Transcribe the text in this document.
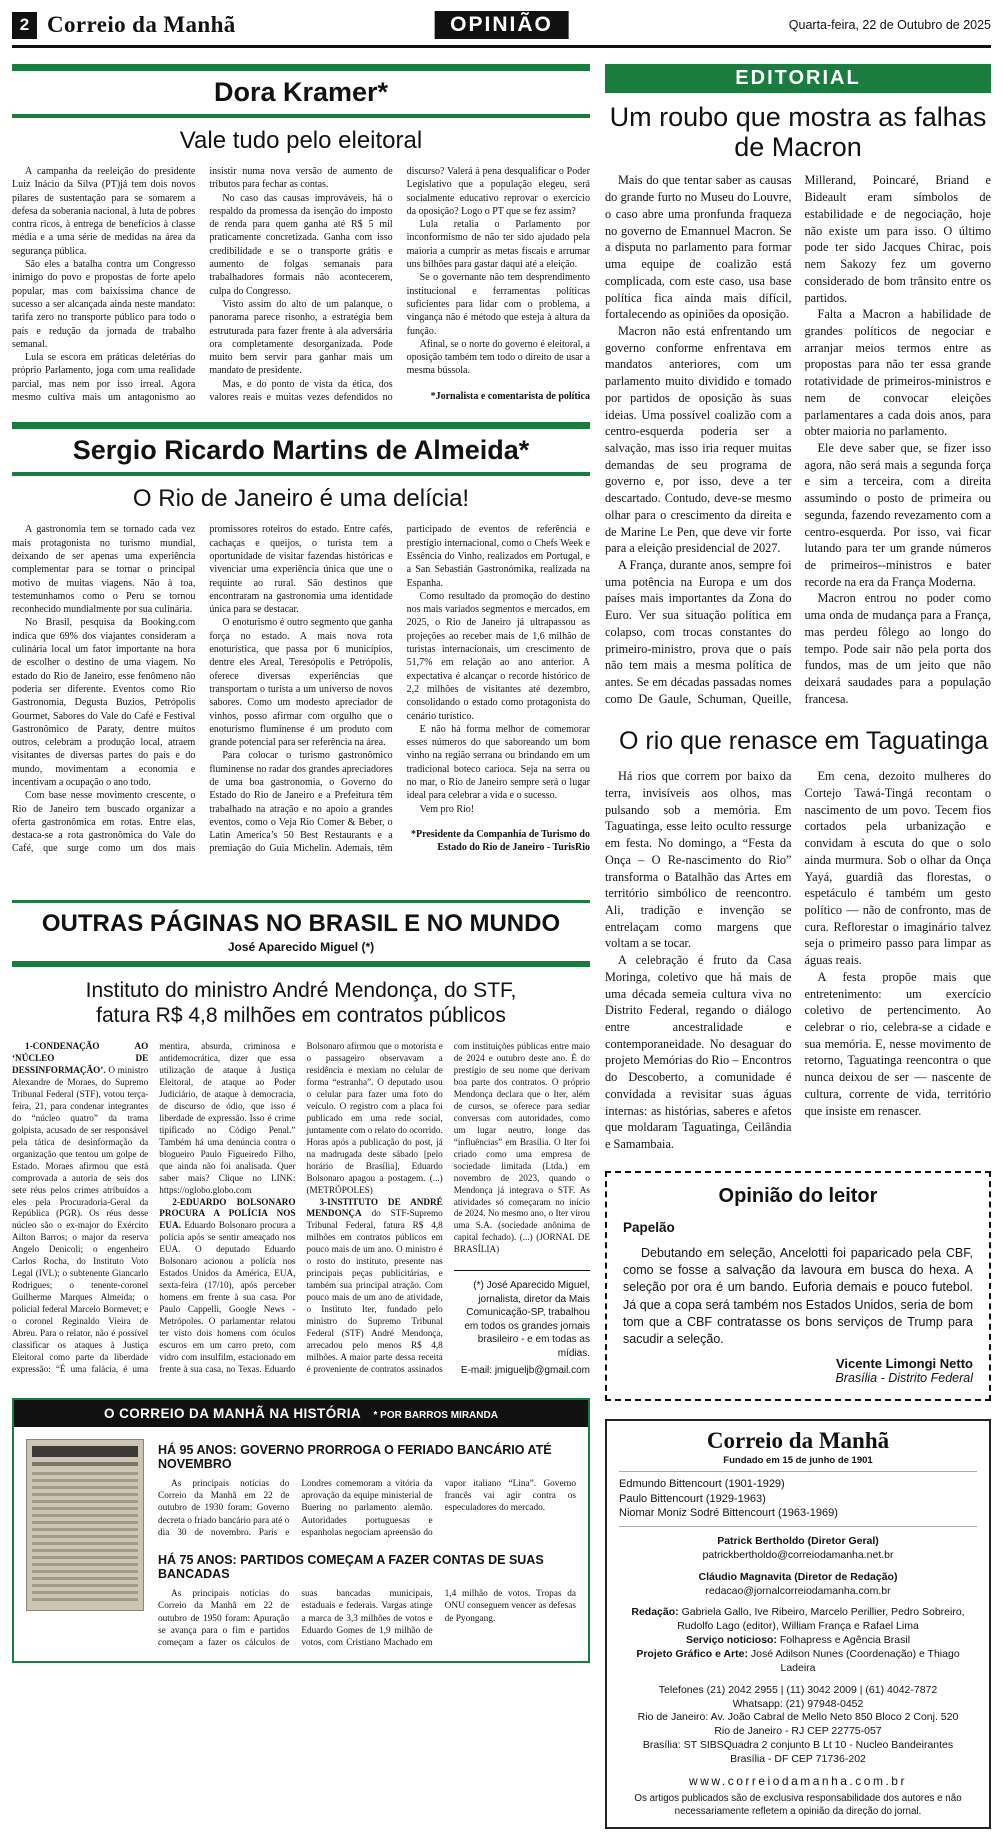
2 Correio da Manhã	OPINIÃO	Quarta-feira, 22 de Outubro de 2025
Dora Kramer*
Vale tudo pelo eleitoral

A campanha da reeleição do presidente Luiz Inácio da Silva (PT)já tem dois novos pilares de sustentação para se somarem a defesa da soberania nacional, à luta de pobres contra ricos, à entrega de benefícios à classe média e a uma série de medidas na área da segurança pública.

São eles a batalha contra um Congresso inimigo do povo e propostas de forte apelo popular, mas com baixíssima chance de sucesso a ser alcançada ainda neste mandato: tarifa zero no transporte público para todo o país e redução da jornada de trabalho semanal.

Lula se escora em práticas deletérias do próprio Parlamento, joga com uma realidade parcial, mas nem por isso irreal. Agora mesmo cultiva mais um antagonismo ao insistir numa nova versão de aumento de tributos para fechar as contas.

No caso das causas improváveis, há o respaldo da promessa da isenção do imposto de renda para quem ganha até R$ 5 mil praticamente concretizada. Ganha com isso credibilidade e se o transporte grátis e aumento de folgas semanais para trabalhadores formais não acontecerem, culpa do Congresso.

Visto assim do alto de um palanque, o panorama parece risonho, a estratégia bem estruturada para fazer frente à ala adversária ora completamente desorganizada. Pode muito bem servir para ganhar mais um mandato de presidente.

Mas, e do ponto de vista da ética, dos valores reais e muitas vezes defendidos no discurso? Valerá à pena desqualificar o Poder Legislativo que a população elegeu, será socialmente educativo reprovar o exercício da oposição? Logo o PT que se fez assim?

Lula retalia o Parlamento por inconformismo de não ter sido ajudado pela maioria a cumprir as metas fiscais e arrumar uns bilhões para gastar daqui até a eleição.

Se o governante não tem desprendimento institucional e ferramentas políticas suficientes para lidar com o problema, a vingança não é método que esteja à altura da função.

Afinal, se o norte do governo é eleitoral, a oposição também tem todo o direito de usar a mesma bússola.

*Jornalista e comentarista de política

Sergio Ricardo Martins de Almeida*
O Rio de Janeiro é uma delícia!

A gastronomia tem se tornado cada vez mais protagonista no turismo mundial, deixando de ser apenas uma experiência complementar para se tornar o principal motivo de muitas viagens. Não à toa, testemunhamos como o Peru se tornou reconhecido mundialmente por sua culinária.

No Brasil, pesquisa da Booking.com indica que 69% dos viajantes consideram a culinária local um fator importante na hora de escolher o destino de uma viagem. No estado do Rio de Janeiro, esse fenômeno não poderia ser diferente. Eventos como Rio Gastronomia, Degusta Buzios, Petrópolis Gourmet, Sabores do Vale do Café e Festival Gastronômico de Paraty, dentre muitos outros, celebram a produção local, atraem visitantes de diversas partes do país e do mundo, movimentam a economia e incentivam a ocupação o ano todo.

Com base nesse movimento crescente, o Rio de Janeiro tem buscado organizar a oferta gastronômica em rotas. Entre elas, destaca-se a rota gastronômica do Vale do Café, que surge como um dos mais promissores roteiros do estado. Entre cafés, cachaças e queijos, o turista tem a oportunidade de visitar fazendas históricas e vivenciar uma experiência única que une o requinte ao rural. São destinos que encontraram na gastronomia uma identidade única para se destacar.

O enoturismo é outro segmento que ganha força no estado. A mais nova rota enoturística, que passa por 6 municípios, dentre eles Areal, Teresópolis e Petrópolis, oferece diversas experiências que transportam o turista a um universo de novos sabores. Como um modesto apreciador de vinhos, posso afirmar com orgulho que o enoturismo fluminense é um produto com grande potencial para ser referência na área.

Para colocar o turismo gastronômico fluminense no radar dos grandes apreciadores de uma boa gastronomia, o Governo do Estado do Rio de Janeiro e a Prefeitura têm trabalhado na atração e no apoio a grandes eventos, como o Veja Rio Comer & Beber, o Latin America’s 50 Best Restaurants e a premiação do Guia Michelin. Ademais, têm participado de eventos de referência e prestígio internacional, como o Chefs Week e Essência do Vinho, realizados em Portugal, e a San Sebastián Gastronómika, realizada na Espanha.

Como resultado da promoção do destino nos mais variados segmentos e mercados, em 2025, o Rio de Janeiro já ultrapassou as projeções ao receber mais de 1,6 milhão de turistas internacionais, um crescimento de 51,7% em relação ao ano anterior. A expectativa é alcançar o recorde histórico de 2,2 milhões de visitantes até dezembro, consolidando o estado como protagonista do cenário turístico.

E não há forma melhor de comemorar esses números do que saboreando um bom vinho na região serrana ou brindando em um tradicional boteco carioca. Seja na serra ou no mar, o Rio de Janeiro sempre será o lugar ideal para celebrar a vida e o sucesso.

Vem pro Rio!

*Presidente da Companhia de Turismo do Estado do Rio de Janeiro - TurisRio

OUTRAS PÁGINAS NO BRASIL E NO MUNDO
José Aparecido Miguel (*)
Instituto do ministro André Mendonça, do STF, fatura R$ 4,8 milhões em contratos públicos

1-CONDENAÇÃO AO ‘NÚCLEO DE DESSINFORMAÇÃO’. O ministro Alexandre de Moraes, do Supremo Tribunal Federal (STF), votou terça-feira, 21, para condenar integrantes do “núcleo quatro” da trama golpista, acusado de ser responsável pela tática de desinformação da organização que tentou um golpe de Estado. Moraes afirmou que está comprovada a autoria de seis dos sete réus pelos crimes atribuídos a eles pela Procuradoria-Geral da República (PGR). Os réus desse núcleo são o ex-major do Exército Ailton Barros; o major da reserva Angelo Denicoli; o engenheiro Carlos Rocha, do Instituto Voto Legal (IVL); o subtenente Giancarlo Rodrigues; o tenente-coronel Guilherme Marques Almeida; o policial federal Marcelo Bormevet; e o coronel Reginaldo Vieira de Abreu. Para o relator, não é possível classificar os ataques à Justiça Eleitoral como parte da liberdade expressão: “É uma falácia, é uma mentira, absurda, criminosa e antidemocrática, dizer que essa utilização de ataque à Justiça Eleitoral, de ataque ao Poder Judiciário, de ataque à democracia, de discurso de ódio, que isso é liberdade de expressão. Isso é crime tipificado no Código Penal.” Também há uma denúncia contra o blogueiro Paulo Figueiredo Filho, que ainda não foi analisada. Quer saber mais? Clique no LINK: https://oglobo.globo.com

2-EDUARDO BOLSONARO PROCURA A POLÍCIA NOS EUA. Eduardo Bolsonaro procura a polícia após se sentir ameaçado nos EUA. O deputado Eduardo Bolsonaro acionou a polícia nos Estados Unidos da América, EUA, sexta-feira (17/10), após perceber homens em frente à sua casa. Por Paulo Cappelli, Google News - Metrópoles. O parlamentar relatou ter visto dois homens com óculos escuros em um carro preto, com vidro com insulfilm, estacionado em frente à sua casa, no Texas. Eduardo Bolsonaro afirmou que o motorista e o passageiro observavam a residência e mexiam no celular de forma “estranha”. O deputado usou o celular para fazer uma foto do veículo. O registro com a placa foi publicado em uma rede social, juntamente com o relato do ocorrido. Horas após a publicação do post, já na madrugada deste sábado [pelo horário de Brasília], Eduardo Bolsonaro apagou a postagem. (...) (METRÓPOLES)

3-INSTITUTO DE ANDRÉ MENDONÇA do STF-Supremo Tribunal Federal, fatura R$ 4,8 milhões em contratos públicos em pouco mais de um ano. O ministro é o rosto do instituto, presente nas principais peças publicitárias, e também sua principal atração. Com pouco mais de um ano de atividade, o Instituto Iter, fundado pelo ministro do Supremo Tribunal Federal (STF) André Mendonça, arrecadou pelo menos R$ 4,8 milhões. A maior parte dessa receita é proveniente de contratos assinados com instituições públicas entre maio de 2024 e outubro deste ano. É do prestígio de seu nome que derivam boa parte dos contratos. O próprio Mendonça declara que o Iter, além de cursos, se oferece para sediar conversas com autoridades, como um lugar neutro, longe das “influências” em Brasília. O Iter foi criado como uma empresa de sociedade limitada (Ltda.) em novembro de 2023, quando o Mendonça já integrava o STF. As atividades só começaram no início de 2024. No mesmo ano, o Iter virou uma S.A. (sociedade anônima de capital fechado). (...) (JORNAL DE BRASÍLIA)

(*) José Aparecido Miguel, jornalista, diretor da Mais Comunicação-SP, trabalhou em todos os grandes jornais brasileiro - e em todas as mídias.
E-mail: jmigueljb@gmail.com
O CORREIO DA MANHÃ NA HISTÓRIA * POR BARROS MIRANDA
HÁ 95 ANOS: GOVERNO PRORROGA O FERIADO BANCÁRIO ATÉ NOVEMBRO

As principais notícias do Correio da Manhã em 22 de outubro de 1930 foram: Governo decreta o friado bancário para até o dia 30 de novembro. Paris e Londres comemoram a vitória da aprovação da equipe ministerial de Buering no parlamento alemão. Autoridades portuguesas e espanholas negociam apreensão do vapor italiano “Lina”. Governo francês vai agir contra os especuladores do mercado.

HÁ 75 ANOS: PARTIDOS COMEÇAM A FAZER CONTAS DE SUAS BANCADAS

As principais notícias do Correio da Manhã em 22 de outubro de 1950 foram: Apuração se avança para o fim e partidos começam a fazer os cálculos de suas bancadas municipais, estaduais e federais. Vargas atinge a marca de 3,3 milhões de votos e Eduardo Gomes de 1,9 milhão de votos, com Cristiano Machado em 1,4 milhão de votos. Tropas da ONU conseguem vencer as defesas de Pyongang.

EDITORIAL
Um roubo que mostra as falhas de Macron

Mais do que tentar saber as causas do grande furto no Museu do Louvre, o caso abre uma pronfunda fraqueza no governo de Emannuel Macron. Se a disputa no parlamento para formar uma equipe de coalizão está complicada, com este caso, usa base política fica ainda mais difícil, fortalecendo as opiniões da oposição.

Macron não está enfrentando um governo conforme enfrentava em mandatos anteriores, com um parlamento muito dividido e tomado por partidos de oposição às suas ideias. Uma possível coalizão com a centro-esquerda poderia ser a salvação, mas isso iria requer muitas demandas de seu programa de governo e, por isso, deve a ter descartado. Contudo, deve-se mesmo olhar para o crescimento da direita e de Marine Le Pen, que deve vir forte para a eleição presidencial de 2027.

A França, durante anos, sempre foi uma potência na Europa e um dos países mais importantes da Zona do Euro. Ver sua situação política em colapso, com trocas constantes do primeiro-ministro, prova que o país não tem mais a mesma política de antes. Se em décadas passadas nomes como De Gaule, Schuman, Queille, Millerand, Poincaré, Briand e Bideault eram símbolos de estabilidade e de negociação, hoje não existe um para isso. O último pode ter sido Jacques Chirac, pois nem Sakozy fez um governo considerado de bom trânsito entre os partidos.

Falta a Macron a habilidade de grandes políticos de negociar e arranjar meios termos entre as propostas para não ter essa grande rotatividade de primeiros-ministros e nem de convocar eleições parlamentares a cada dois anos, para obter maioria no parlamento.

Ele deve saber que, se fizer isso agora, não será mais a segunda força e sim a terceira, com a direita assumindo o posto de primeira ou segunda, fazendo revezamento com a centro-esquerda. Por isso, vai ficar lutando para ter um grande números de primeiros--ministros e bater recorde na era da França Moderna.

Macron entrou no poder como uma onda de mudança para a França, mas perdeu fôlego ao longo do tempo. Pode sair não pela porta dos fundos, mas de um jeito que não deixará saudades para a população francesa.

O rio que renasce em Taguatinga

Há rios que correm por baixo da terra, invisíveis aos olhos, mas pulsando sob a memória. Em Taguatinga, esse leito oculto ressurge em festa. No domingo, a “Festa da Onça – O Re-nascimento do Rio” transforma o Batalhão das Artes em território simbólico de reencontro. Ali, tradição e invenção se entrelaçam como margens que voltam a se tocar.

A celebração é fruto da Casa Moringa, coletivo que há mais de uma década semeia cultura viva no Distrito Federal, regando o diálogo entre ancestralidade e contemporaneidade. No desaguar do projeto Memórias do Rio – Encontros do Descoberto, a comunidade é convidada a revisitar suas águas internas: as histórias, saberes e afetos que moldaram Taguatinga, Ceilândia e Samambaia.

Em cena, dezoito mulheres do Cortejo Tawá-Tingá recontam o nascimento de um povo. Tecem fios cortados pela urbanização e convidam à escuta do que o solo ainda murmura. Sob o olhar da Onça Yayá, guardiã das florestas, o espetáculo é também um gesto político — não de confronto, mas de cura. Reflorestar o imaginário talvez seja o primeiro passo para limpar as águas reais.

A festa propõe mais que entretenimento: um exercício coletivo de pertencimento. Ao celebrar o rio, celebra-se a cidade e sua memória. E, nesse movimento de retorno, Taguatinga reencontra o que nunca deixou de ser — nascente de cultura, corrente de vida, território que insiste em renascer.

Opinião do leitor
Papelão

Debutando em seleção, Ancelotti foi paparicado pela CBF, como se fosse a salvação da lavoura em busca do hexa. A seleção por ora é um bando. Euforia demais e pouco futebol. Já que a copa será também nos Estados Unidos, seria de bom tom que a CBF contratasse os bons serviços de Trump para sacudir a seleção.

Vicente Limongi Netto
Brasília - Distrito Federal
Correio da Manhã
Fundado em 15 de junho de 1901
Edmundo Bittencourt (1901-1929)
Paulo Bittencourt (1929-1963)
Niomar Moniz Sodré Bittencourt (1963-1969)
Patrick Bertholdo (Diretor Geral)
patrickbertholdo@correiodamanha.net.br
Cláudio Magnavita (Diretor de Redação)
redacao@jornalcorreiodamanha.com.br
Redação: Gabriela Gallo, Ive Ribeiro, Marcelo Perillier, Pedro Sobreiro, Rudolfo Lago (editor), William França e Rafael Lima
Serviço noticioso: Folhapress e Agência Brasil
Projeto Gráfico e Arte: José Adilson Nunes (Coordenação) e Thiago Ladeira
Telefones (21) 2042 2955 | (11) 3042 2009 | (61) 4042-7872
Whatsapp: (21) 97948-0452
Rio de Janeiro: Av. João Cabral de Mello Neto 850 Bloco 2 Conj. 520
Rio de Janeiro - RJ CEP 22775-057
Brasília: ST SIBSQuadra 2 conjunto B Lt 10 - Nucleo Bandeirantes
Brasília - DF CEP 71736-202
www.correiodamanha.com.br
Os artigos publicados são de exclusiva responsabilidade dos autores e não necessariamente refletem a opinião da direção do jornal.
